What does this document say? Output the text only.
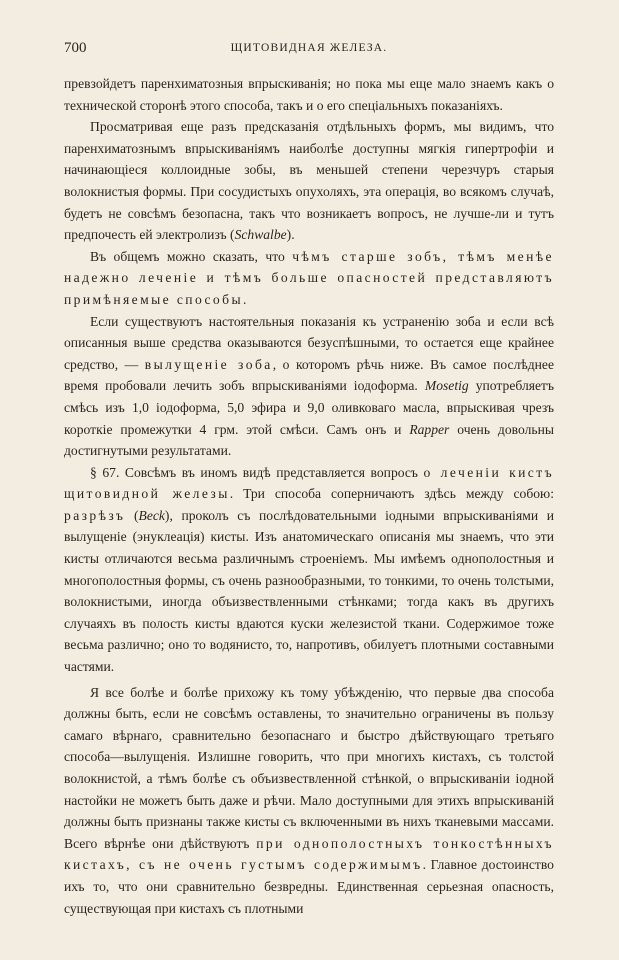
700	ЩИТОВИДНАЯ ЖЕЛЕЗА.

превзойдетъ паренхиматозныя впрыскиванія; но пока мы еще мало знаемъ какъ о технической сторонѣ этого способа, такъ и о его спеціальныхъ показаніяхъ.

Просматривая еще разъ предсказанія отдѣльныхъ формъ, мы видимъ, что паренхиматознымъ впрыскиваніямъ наиболѣе доступны мягкія гипертрофіи и начинающіеся коллоидные зобы, въ меньшей степени черезчуръ старыя волокнистыя формы. При сосудистыхъ опухоляхъ, эта операція, во всякомъ случаѣ, будетъ не совсѣмъ безопасна, такъ что возникаетъ вопросъ, не лучше-ли и тутъ предпочесть ей электролизъ (Schwalbe).

Въ общемъ можно сказать, что чѣмъ старше зобъ, тѣмъ менѣе надежно леченіе и тѣмъ больше опасностей представляютъ примѣняемые способы.

Если существуютъ настоятельныя показанія къ устраненію зоба и если всѣ описанныя выше средства оказываются безуспѣшными, то остается еще крайнее средство, — вылущеніе зоба, о которомъ рѣчь ниже. Въ самое послѣднее время пробовали лечить зобъ впрыскиваніями іодоформа. Mosetig употребляетъ смѣсь изъ 1,0 іодоформа, 5,0 эфира и 9,0 оливковаго масла, впрыскивая чрезъ короткіе промежутки 4 грм. этой смѣси. Самъ онъ и Rapper очень довольны достигнутыми результатами.

§ 67. Совсѣмъ въ иномъ видѣ представляется вопросъ о леченіи кистъ щитовидной железы. Три способа соперничаютъ здѣсь между собою: разрѣзъ (Beck), проколъ съ послѣдовательными іодными впрыскиваніями и вылущеніе (энуклеація) кисты. Изъ анатомическаго описанія мы знаемъ, что эти кисты отличаются весьма различнымъ строеніемъ. Мы имѣемъ однополостныя и многополостныя формы, съ очень разнообразными, то тонкими, то очень толстыми, волокнистыми, иногда объизвествленными стѣнками; тогда какъ въ другихъ случаяхъ въ полость кисты вдаются куски железистой ткани. Содержимое тоже весьма различно; оно то водянисто, то, напротивъ, обилуетъ плотными составными частями.

Я все болѣе и болѣе прихожу къ тому убѣжденію, что первые два способа должны быть, если не совсѣмъ оставлены, то значительно ограничены въ пользу самаго вѣрнаго, сравнительно безопаснаго и быстро дѣйствующаго третьяго способа—вылущенія. Излишне говорить, что при многихъ кистахъ, съ толстой волокнистой, а тѣмъ болѣе съ объизвествленной стѣнкой, о впрыскиваніи іодной настойки не можетъ быть даже и рѣчи. Мало доступными для этихъ впрыскиваній должны быть признаны также кисты съ включенными въ нихъ тканевыми массами. Всего вѣрнѣе они дѣйствуютъ при однополостныхъ тонкостѣнныхъ кистахъ, съ не очень густымъ содержимымъ. Главное достоинство ихъ то, что они сравнительно безвредны. Единственная серьезная опасность, существующая при кистахъ съ плотными
